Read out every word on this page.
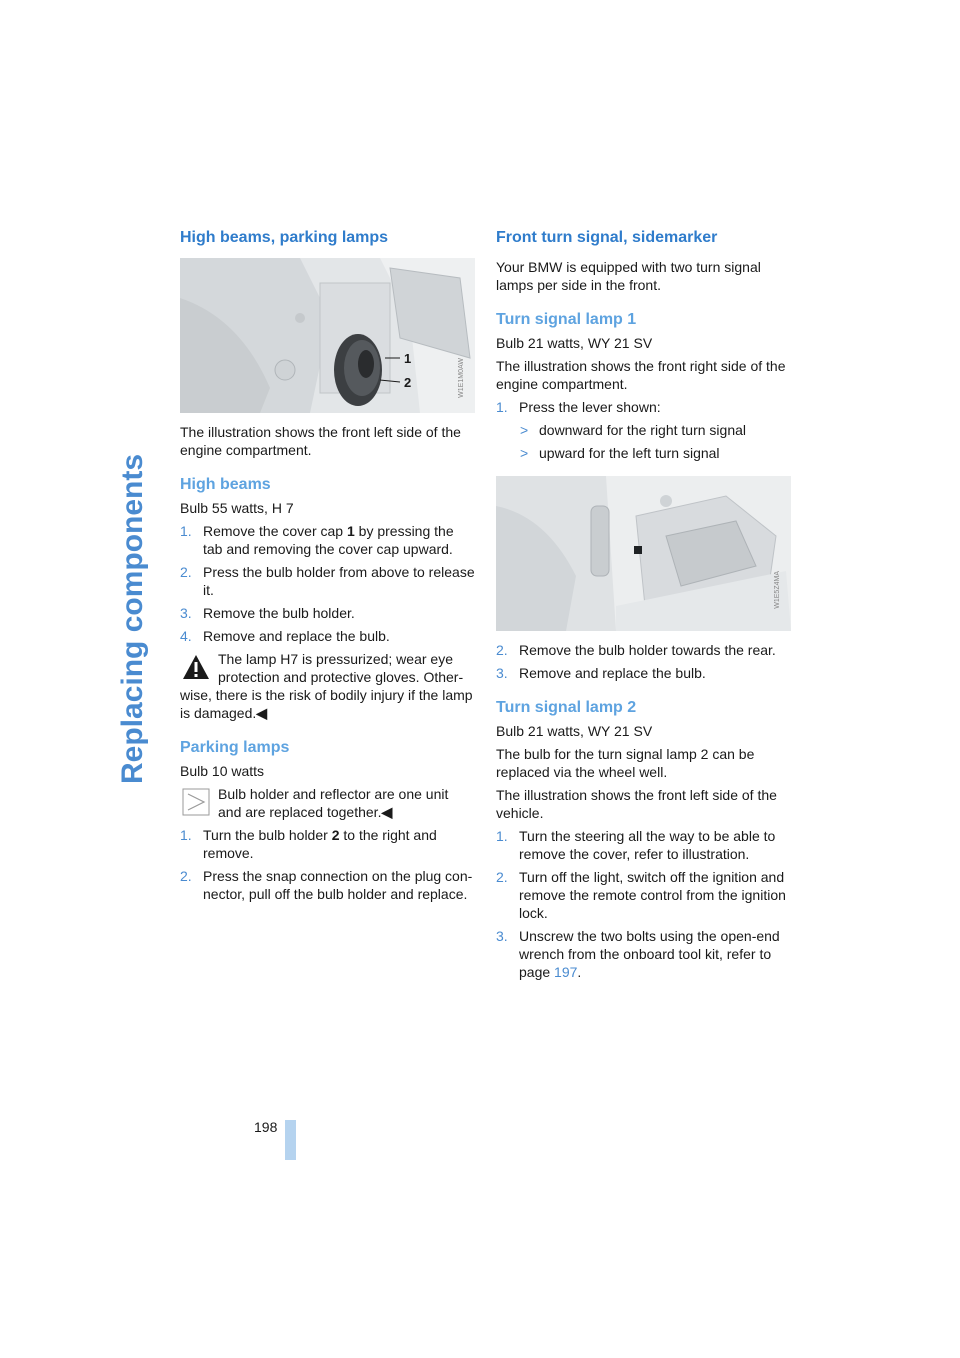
Replacing components
High beams, parking lamps
1
2	W1E1M0AW

The illustration shows the front left side of the engine compartment.

High beams

Bulb 55 watts, H 7

1. Remove the cover cap 1 by pressing the tab and removing the cover cap upward.
2. Press the bulb holder from above to release it.
3. Remove the bulb holder.
4. Remove and replace the bulb.
The lamp H7 is pressurized; wear eye protection and protective gloves. Otherwise, there is the risk of bodily injury if the lamp is damaged.◀
Parking lamps

Bulb 10 watts

Bulb holder and reflector are one unit and are replaced together.◀
1. Turn the bulb holder 2 to the right and remove.
2. Press the snap connection on the plug connector, pull off the bulb holder and replace.
Front turn signal, sidemarker

Your BMW is equipped with two turn signal lamps per side in the front.

Turn signal lamp 1

Bulb 21 watts, WY 21 SV

The illustration shows the front right side of the engine compartment.

1. Press the lever shown:
> downward for the right turn signal
> upward for the left turn signal
W1E5Z4MA
2. Remove the bulb holder towards the rear.
3. Remove and replace the bulb.
Turn signal lamp 2

Bulb 21 watts, WY 21 SV

The bulb for the turn signal lamp 2 can be replaced via the wheel well.

The illustration shows the front left side of the vehicle.

1. Turn the steering all the way to be able to remove the cover, refer to illustration.
2. Turn off the light, switch off the ignition and remove the remote control from the ignition lock.
3. Unscrew the two bolts using the open-end wrench from the onboard tool kit, refer to page 197.
198
